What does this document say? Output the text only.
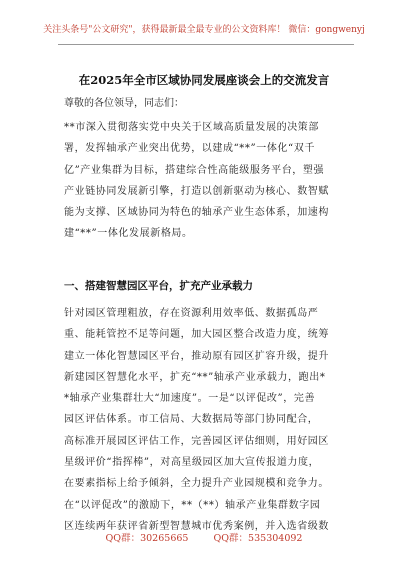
关注头条号"公文研究"，获得最新最全最专业的公文资料库！ 微信：gongwenyj
在2025年全市区域协同发展座谈会上的交流发言
尊敬的各位领导，同志们：

**市深入贯彻落实党中央关于区域高质量发展的决策部
署，发挥轴承产业突出优势，以建成“**”一体化“双千
亿”产业集群为目标，搭建综合性高能级服务平台，塑强
产业链协同发展新引擎，打造以创新驱动为核心、数智赋
能为支撑、区域协同为特色的轴承产业生态体系，加速构
建“**”一体化发展新格局。

一、搭建智慧园区平台，扩充产业承载力

针对园区管理粗放，存在资源利用效率低、数据孤岛严
重、能耗管控不足等问题，加大园区整合改造力度，统筹
建立一体化智慧园区平台，推动原有园区扩容升级，提升
新建园区智慧化水平，扩充“**”轴承产业承载力，跑出*
*轴承产业集群壮大“加速度”。一是“以评促改”，完善
园区评估体系。市工信局、大数据局等部门协同配合，
高标准开展园区评估工作，完善园区评估细则，用好园区
星级评价“指挥棒”，对高星级园区加大宣传报道力度，
在要素指标上给予倾斜，全力提升产业园规模和竞争力。
在“以评促改”的激励下，**（**）轴承产业集群数字园
区连续两年获评省新型智慧城市优秀案例，并入选省级数

QQ群：30265665	QQ群：535304092
